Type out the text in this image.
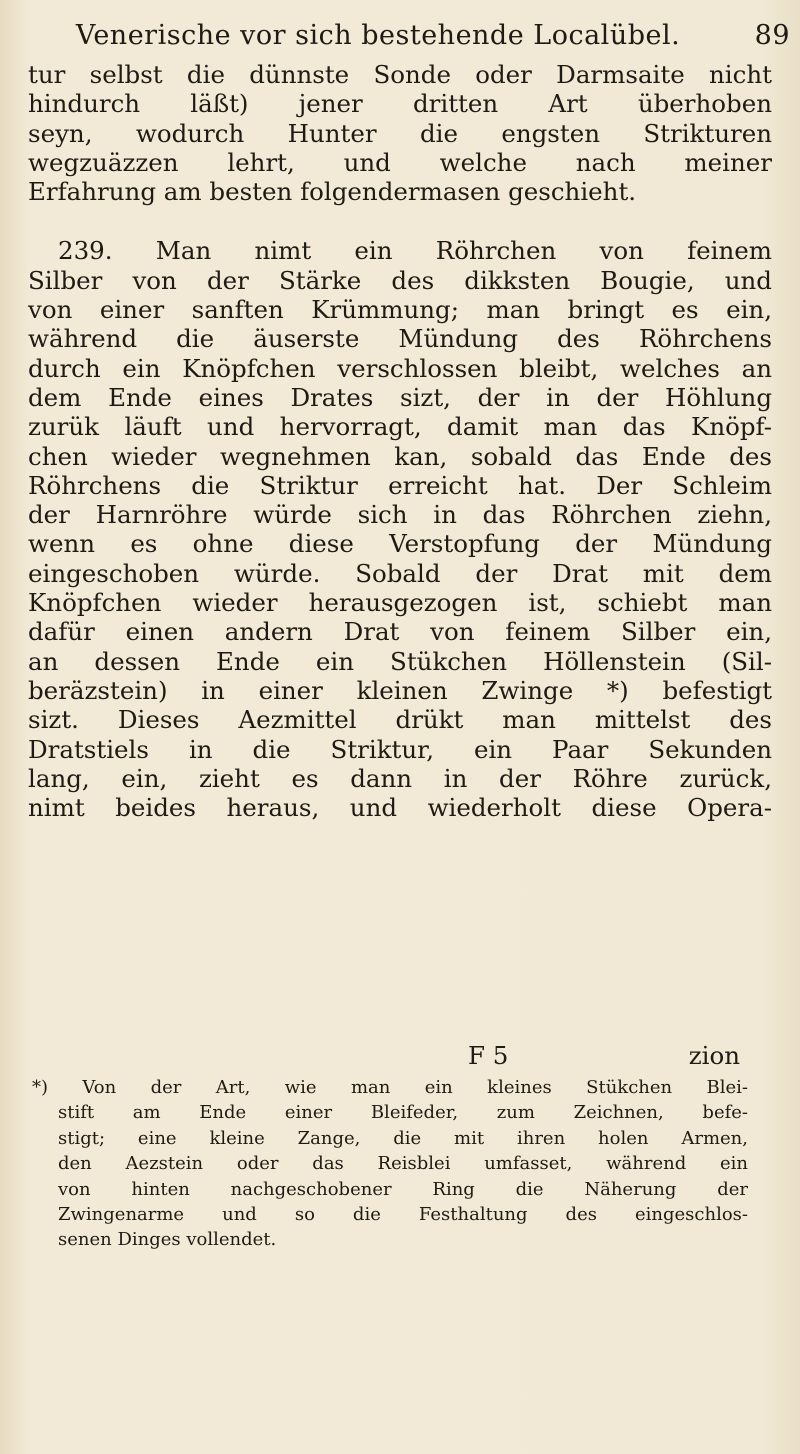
Venerische vor sich bestehende Localübel.	89
tur selbst die dünnste Sonde oder Darmsaite nicht
hindurch läßt) jener dritten Art überhoben
seyn, wodurch Hunter die engsten Strikturen
wegzuäzzen lehrt, und welche nach meiner
Erfahrung am besten folgendermasen geschieht.
239. Man nimt ein Röhrchen von feinem
Silber von der Stärke des dikksten Bougie, und
von einer sanften Krümmung; man bringt es ein,
während die äuserste Mündung des Röhrchens
durch ein Knöpfchen verschlossen bleibt, welches an
dem Ende eines Drates sizt, der in der Höhlung
zurük läuft und hervorragt, damit man das Knöpf-
chen wieder wegnehmen kan, sobald das Ende des
Röhrchens die Striktur erreicht hat. Der Schleim
der Harnröhre würde sich in das Röhrchen ziehn,
wenn es ohne diese Verstopfung der Mündung
eingeschoben würde. Sobald der Drat mit dem
Knöpfchen wieder herausgezogen ist, schiebt man
dafür einen andern Drat von feinem Silber ein,
an dessen Ende ein Stükchen Höllenstein (Sil-
beräzstein) in einer kleinen Zwinge *) befestigt
sizt. Dieses Aezmittel drükt man mittelst des
Dratstiels in die Striktur, ein Paar Sekunden
lang, ein, zieht es dann in der Röhre zurück,
nimt beides heraus, und wiederholt diese Opera-
F 5	zion
*) Von der Art, wie man ein kleines Stükchen Blei-
stift am Ende einer Bleifeder, zum Zeichnen, befe-
stigt; eine kleine Zange, die mit ihren holen Armen,
den Aezstein oder das Reisblei umfasset, während ein
von hinten nachgeschobener Ring die Näherung der
Zwingenarme und so die Festhaltung des eingeschlos-
senen Dinges vollendet.
